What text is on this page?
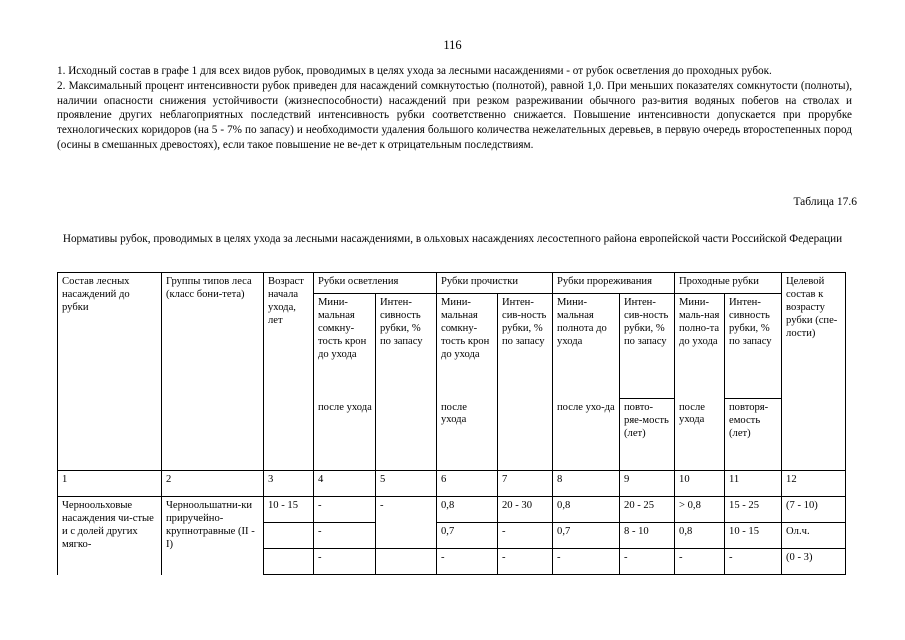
116

1. Исходный состав в графе 1 для всех видов рубок, проводимых в целях ухода за лесными насаждениями - от рубок осветления до проходных рубок.

2. Максимальный процент интенсивности рубок приведен для насаждений сомкнутостью (полнотой), равной 1,0. При меньших показателях сомкнутости (полноты), наличии опасности снижения устойчивости (жизнеспособности) насаждений при резком разреживании обычного раз-вития водяных побегов на стволах и проявление других неблагоприятных последствий интенсивность рубки соответственно снижается. Повышение интенсивности допускается при прорубке технологических коридоров (на 5 - 7% по запасу) и необходимости удаления большого количества нежелательных деревьев, в первую очередь второстепенных пород (осины в смешанных древостоях), если такое повышение не ве-дет к отрицательным последствиям.

Таблица 17.6
Нормативы рубок, проводимых в целях ухода за лесными насаждениями, в ольховых насаждениях лесостепного района европейской части Российской Федерации
Состав лесных насаждений до рубки	Группы типов леса (класс бони-тета)	Возраст начала ухода, лет	Рубки осветления		Рубки прочистки		Рубки прореживания		Проходные рубки		Целевой состав к возрасту рубки (спе-лости)
			Мини-мальная сомкну-тость крон до ухода	Интен-сивность рубки, % по запасу	Мини-мальная сомкну-тость крон до ухода	Интен-сив-ность рубки, % по запасу	Мини-мальная полнота до ухода	Интен-сив-ность рубки, % по запасу	Мини-маль-ная полно-та до ухода	Интен-сивность рубки, % по запасу	
			после ухода		после ухода		после ухо-да	повто-ряе-мость (лет)	после ухода	повторя-емость (лет)	
1	2	3	4	5	6	7	8	9	10	11	12
Черноольховые насаждения чи-стые и с долей других мягко-	Черноольшатни-ки приручейно-крупнотравные (II - I)	10 - 15	-	-	0,8	20 - 30	0,8	20 - 25	> 0,8	15 - 25	(7 - 10)
			-		0,7	-	0,7	8 - 10	0,8	10 - 15	Ол.ч.
			-		-	-	-	-	-	-	(0 - 3)
